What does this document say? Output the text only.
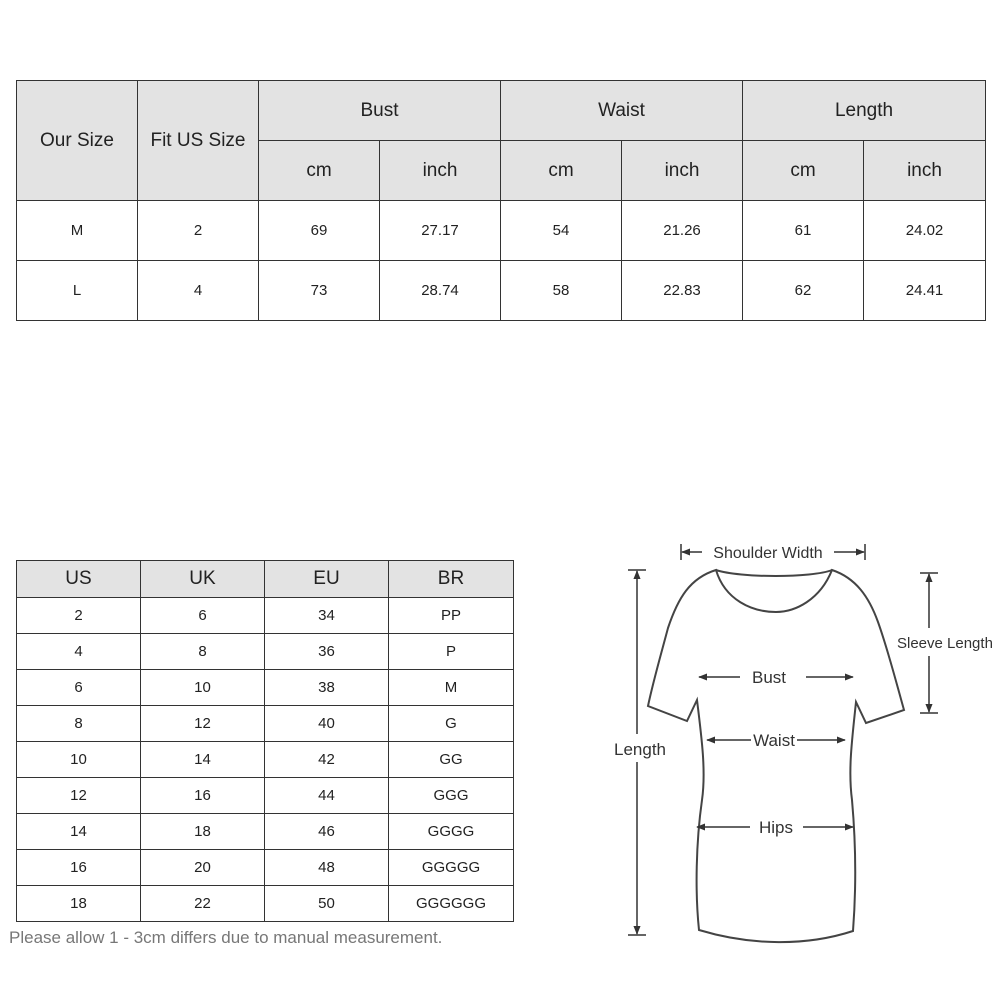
Our Size	Fit US Size	Bust		Waist		Length	
		cm	inch	cm	inch	cm	inch
M	2	69	27.17	54	21.26	61	24.02
L	4	73	28.74	58	22.83	62	24.41
US	UK	EU	BR
2	6	34	PP
4	8	36	P
6	10	38	M
8	12	40	G
10	14	42	GG
12	16	44	GGG
14	18	46	GGGG
16	20	48	GGGGG
18	22	50	GGGGGG
Please allow 1 - 3cm differs due to manual measurement.
Shoulder Width
Length
Sleeve Length
Bust
Waist
Hips
